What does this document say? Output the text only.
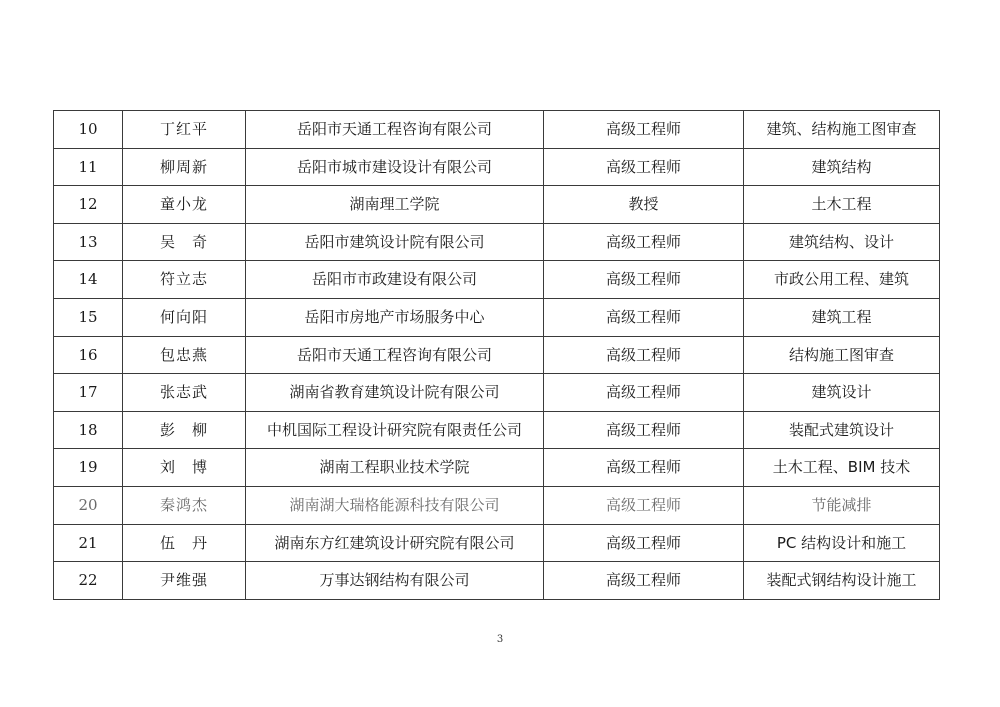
10	丁红平	岳阳市天通工程咨询有限公司	高级工程师	建筑、结构施工图审查
11	柳周新	岳阳市城市建设设计有限公司	高级工程师	建筑结构
12	童小龙	湖南理工学院	教授	土木工程
13	吴　奇	岳阳市建筑设计院有限公司	高级工程师	建筑结构、设计
14	符立志	岳阳市市政建设有限公司	高级工程师	市政公用工程、建筑
15	何向阳	岳阳市房地产市场服务中心	高级工程师	建筑工程
16	包忠燕	岳阳市天通工程咨询有限公司	高级工程师	结构施工图审查
17	张志武	湖南省教育建筑设计院有限公司	高级工程师	建筑设计
18	彭　柳	中机国际工程设计研究院有限责任公司	高级工程师	装配式建筑设计
19	刘　博	湖南工程职业技术学院	高级工程师	土木工程、BIM 技术
20	秦鸿杰	湖南湖大瑞格能源科技有限公司	高级工程师	节能减排
21	伍　丹	湖南东方红建筑设计研究院有限公司	高级工程师	PC 结构设计和施工
22	尹维强	万事达钢结构有限公司	高级工程师	装配式钢结构设计施工
3
